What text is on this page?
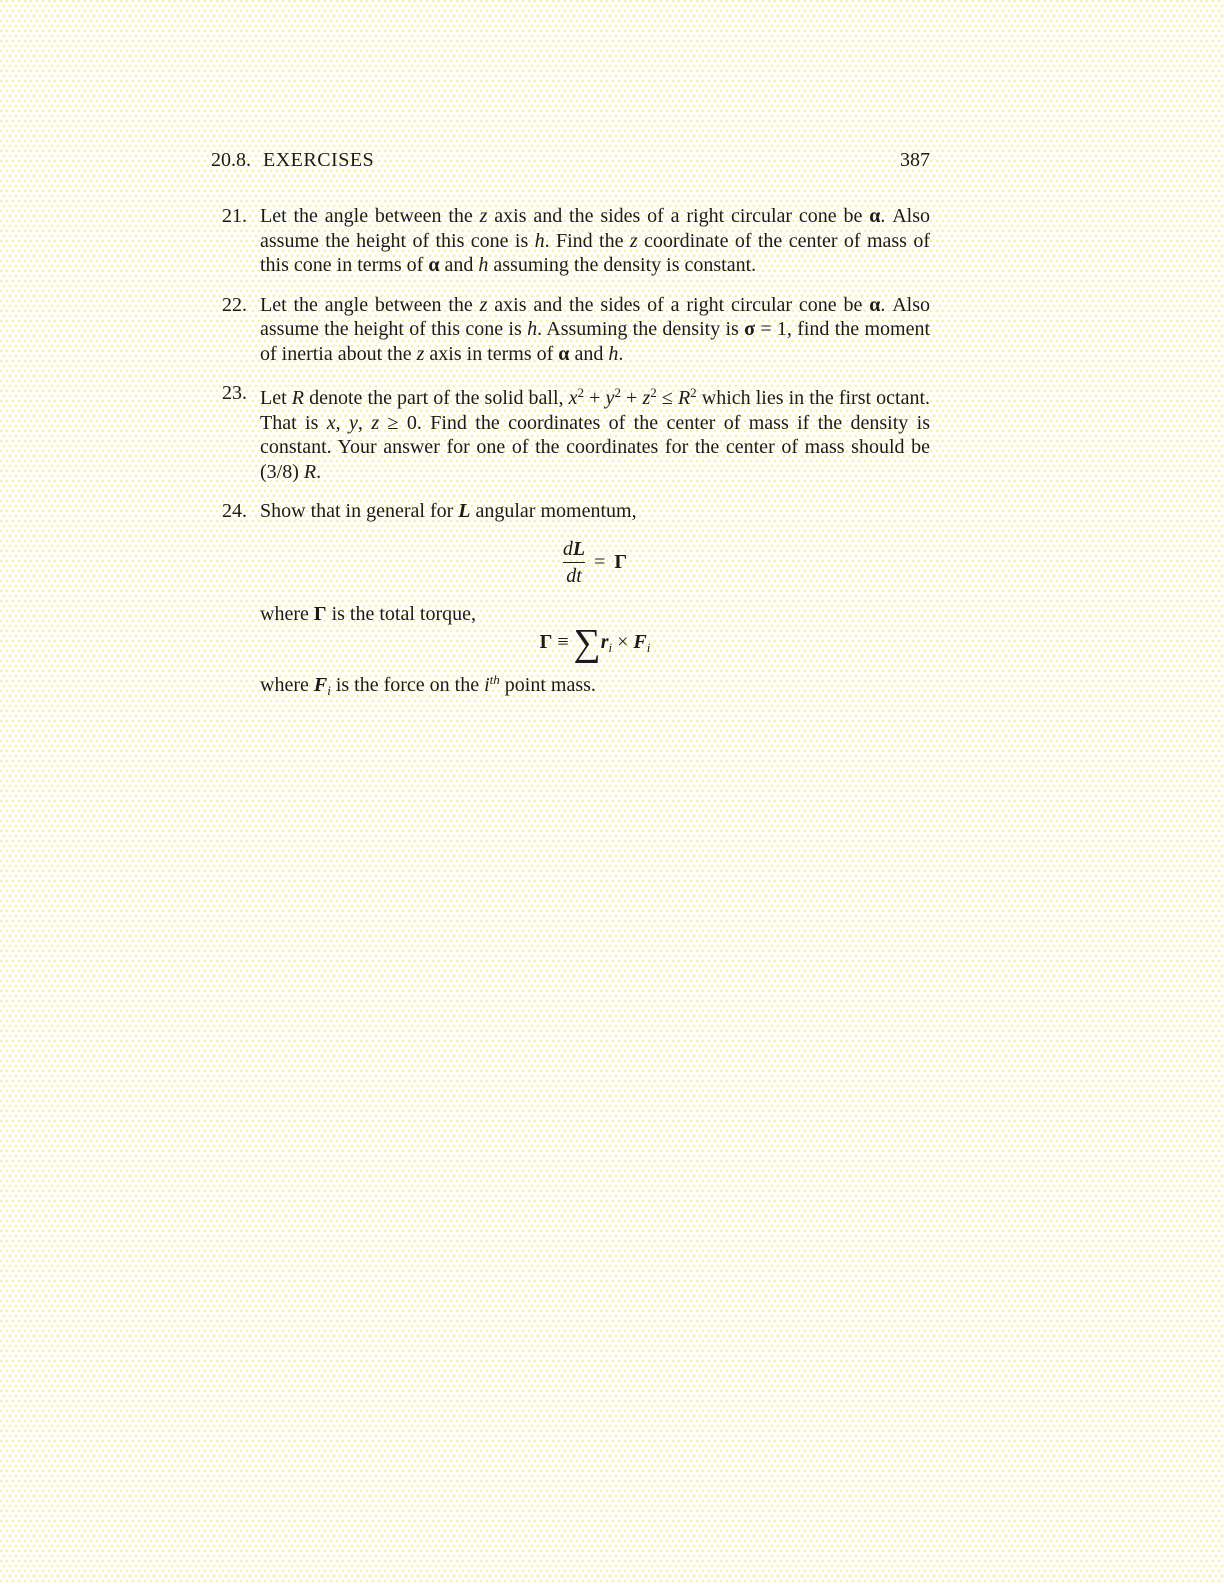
20.8. EXERCISES	387
21. Let the angle between the z axis and the sides of a right circular cone be α. Also assume the height of this cone is h. Find the z coordinate of the center of mass of this cone in terms of α and h assuming the density is constant.
22. Let the angle between the z axis and the sides of a right circular cone be α. Also assume the height of this cone is h. Assuming the density is σ = 1, find the moment of inertia about the z axis in terms of α and h.
23. Let R denote the part of the solid ball, $x^2 + y^2 + z^2 \le R^2$ which lies in the first octant. That is x, y, z ≥ 0. Find the coordinates of the center of mass if the density is constant. Your answer for one of the coordinates for the center of mass should be (3/8) R.
24. Show that in general for L angular momentum,
$\frac{dL}{dt} = \Gamma$
where Γ is the total torque,
$\Gamma \equiv \sum r_i \times F_i$
where $F_i$ is the force on the $i^{th}$ point mass.
